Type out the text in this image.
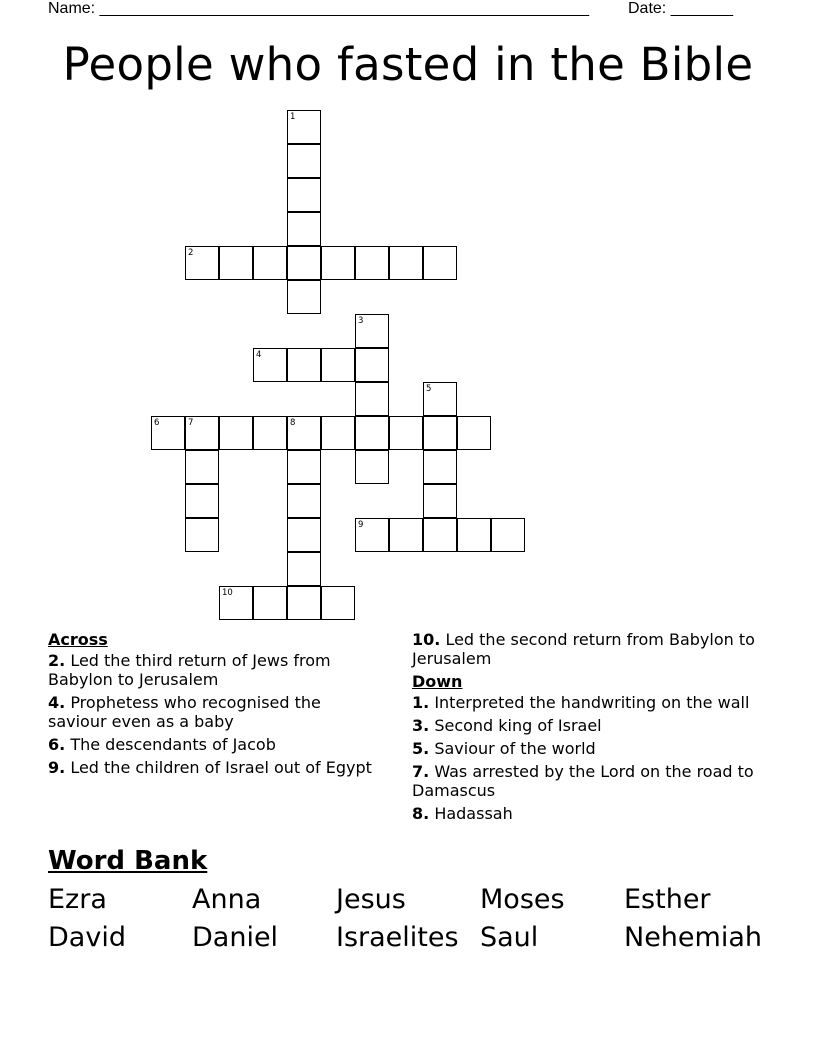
Name: _______________________________________________________ Date: _______
People who fasted in the Bible
1
2
3
4
5
6	7	8
9
10
Across
2. Led the third return of Jews from Babylon to Jerusalem
4. Prophetess who recognised the saviour even as a baby
6. The descendants of Jacob
9. Led the children of Israel out of Egypt
10. Led the second return from Babylon to Jerusalem
Down
1. Interpreted the handwriting on the wall
3. Second king of Israel
5. Saviour of the world
7. Was arrested by the Lord on the road to Damascus
8. Hadassah
Word Bank
Ezra	Anna	Jesus	Moses Esther
David Daniel Israelites Saul	Nehemiah
